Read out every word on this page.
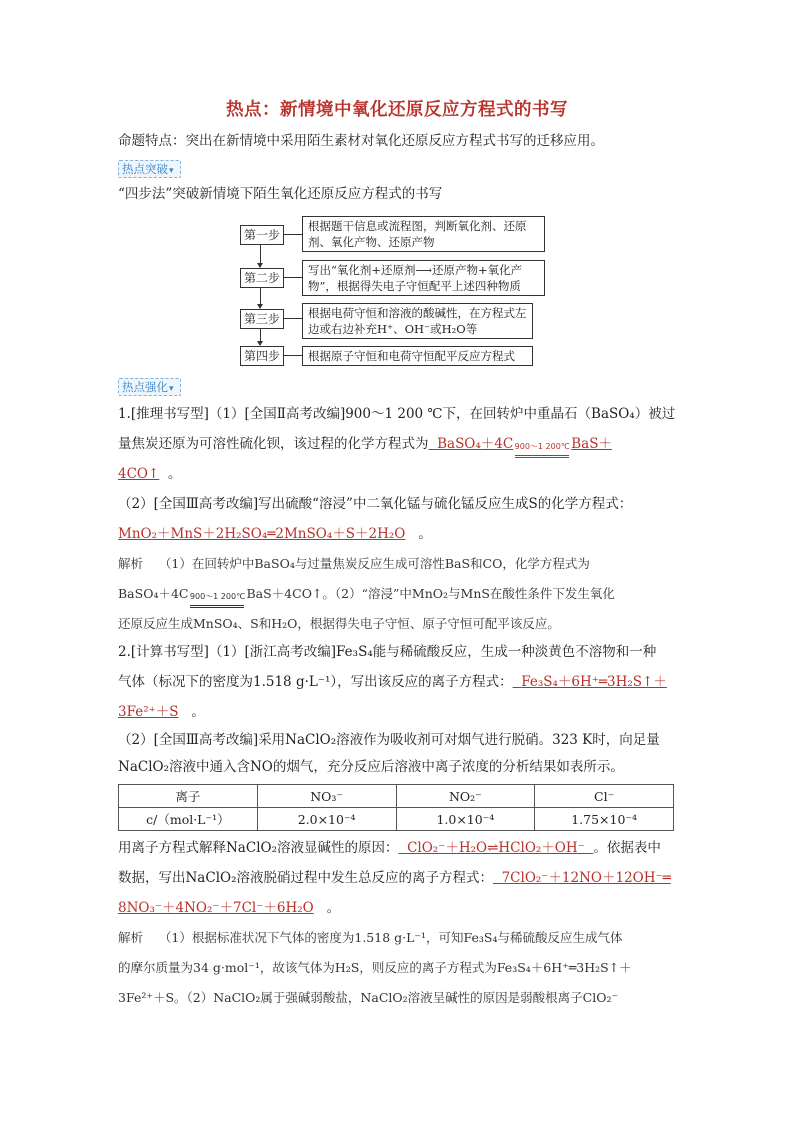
热点：新情境中氧化还原反应方程式的书写
命题特点：突出在新情境中采用陌生素材对氧化还原反应方程式书写的迁移应用。
热点突破 ▾
“四步法”突破新情境下陌生氧化还原反应方程式的书写
第一步
根据题干信息或流程图，判断氧化剂、还原剂、氧化产物、还原产物
第二步
写出“氧化剂+还原剂⟶还原产物+氧化产物”，根据得失电子守恒配平上述四种物质
第三步	根据电荷守恒和溶液的酸碱性，在方程式左边或右边补充H⁺、OH⁻或H₂O等
第四步	根据原子守恒和电荷守恒配平反应方程式
热点强化 ▾
1.[推理书写型]（1）[全国Ⅱ高考改编]900～1 200 ℃下，在回转炉中重晶石（BaSO₄）被过
量焦炭还原为可溶性硫化钡，该过程的化学方程式为 BaSO₄＋4C 900～1 200℃ BaS＋
4CO↑ 。
（2）[全国Ⅲ高考改编]写出硫酸“溶浸”中二氧化锰与硫化锰反应生成S的化学方程式：
MnO₂＋MnS＋2H₂SO₄═2MnSO₄＋S＋2H₂O 。
解析 （1）在回转炉中BaSO₄与过量焦炭反应生成可溶性BaS和CO，化学方程式为
BaSO₄＋4C 900～1 200℃ BaS＋4CO↑。（2）“溶浸”中MnO₂与MnS在酸性条件下发生氧化
还原反应生成MnSO₄、S和H₂O，根据得失电子守恒、原子守恒可配平该反应。
2.[计算书写型]（1）[浙江高考改编]Fe₃S₄能与稀硫酸反应，生成一种淡黄色不溶物和一种
气体（标况下的密度为1.518 g·L⁻¹），写出该反应的离子方程式： Fe₃S₄＋6H⁺═3H₂S↑＋
3Fe²⁺＋S 。
（2）[全国Ⅲ高考改编]采用NaClO₂溶液作为吸收剂可对烟气进行脱硝。323 K时，向足量
NaClO₂溶液中通入含NO的烟气，充分反应后溶液中离子浓度的分析结果如表所示。
离子	NO₃⁻	NO₂⁻	Cl⁻
c/（mol·L⁻¹）	2.0×10⁻⁴	1.0×10⁻⁴	1.75×10⁻⁴
用离子方程式解释NaClO₂溶液显碱性的原因： ClO₂⁻＋H₂O⇌HClO₂＋OH⁻ 。依据表中
数据，写出NaClO₂溶液脱硝过程中发生总反应的离子方程式： 7ClO₂⁻＋12NO＋12OH⁻═
8NO₃⁻＋4NO₂⁻＋7Cl⁻＋6H₂O 。
解析 （1）根据标准状况下气体的密度为1.518 g·L⁻¹，可知Fe₃S₄与稀硫酸反应生成气体
的摩尔质量为34 g·mol⁻¹，故该气体为H₂S，则反应的离子方程式为Fe₃S₄＋6H⁺═3H₂S↑＋
3Fe²⁺＋S。（2）NaClO₂属于强碱弱酸盐，NaClO₂溶液呈碱性的原因是弱酸根离子ClO₂⁻
